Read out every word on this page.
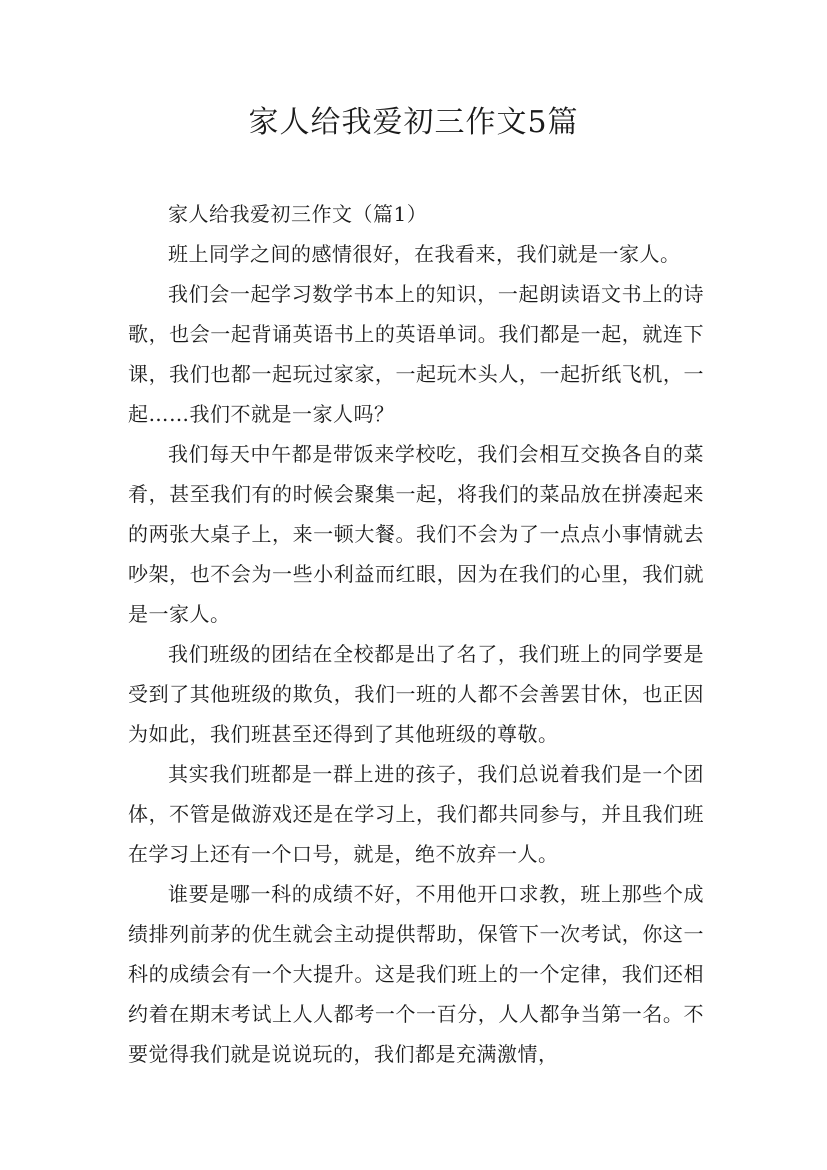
家人给我爱初三作文5篇

家人给我爱初三作文（篇1）

班上同学之间的感情很好，在我看来，我们就是一家人。

我们会一起学习数学书本上的知识，一起朗读语文书上的诗歌，也会一起背诵英语书上的英语单词。我们都是一起，就连下课，我们也都一起玩过家家，一起玩木头人，一起折纸飞机，一起……我们不就是一家人吗？

我们每天中午都是带饭来学校吃，我们会相互交换各自的菜肴，甚至我们有的时候会聚集一起，将我们的菜品放在拼凑起来的两张大桌子上，来一顿大餐。我们不会为了一点点小事情就去吵架，也不会为一些小利益而红眼，因为在我们的心里，我们就是一家人。

我们班级的团结在全校都是出了名了，我们班上的同学要是受到了其他班级的欺负，我们一班的人都不会善罢甘休，也正因为如此，我们班甚至还得到了其他班级的尊敬。

其实我们班都是一群上进的孩子，我们总说着我们是一个团体，不管是做游戏还是在学习上，我们都共同参与，并且我们班在学习上还有一个口号，就是，绝不放弃一人。

谁要是哪一科的成绩不好，不用他开口求教，班上那些个成绩排列前茅的优生就会主动提供帮助，保管下一次考试，你这一科的成绩会有一个大提升。这是我们班上的一个定律，我们还相约着在期末考试上人人都考一个一百分，人人都争当第一名。不要觉得我们就是说说玩的，我们都是充满激情，
